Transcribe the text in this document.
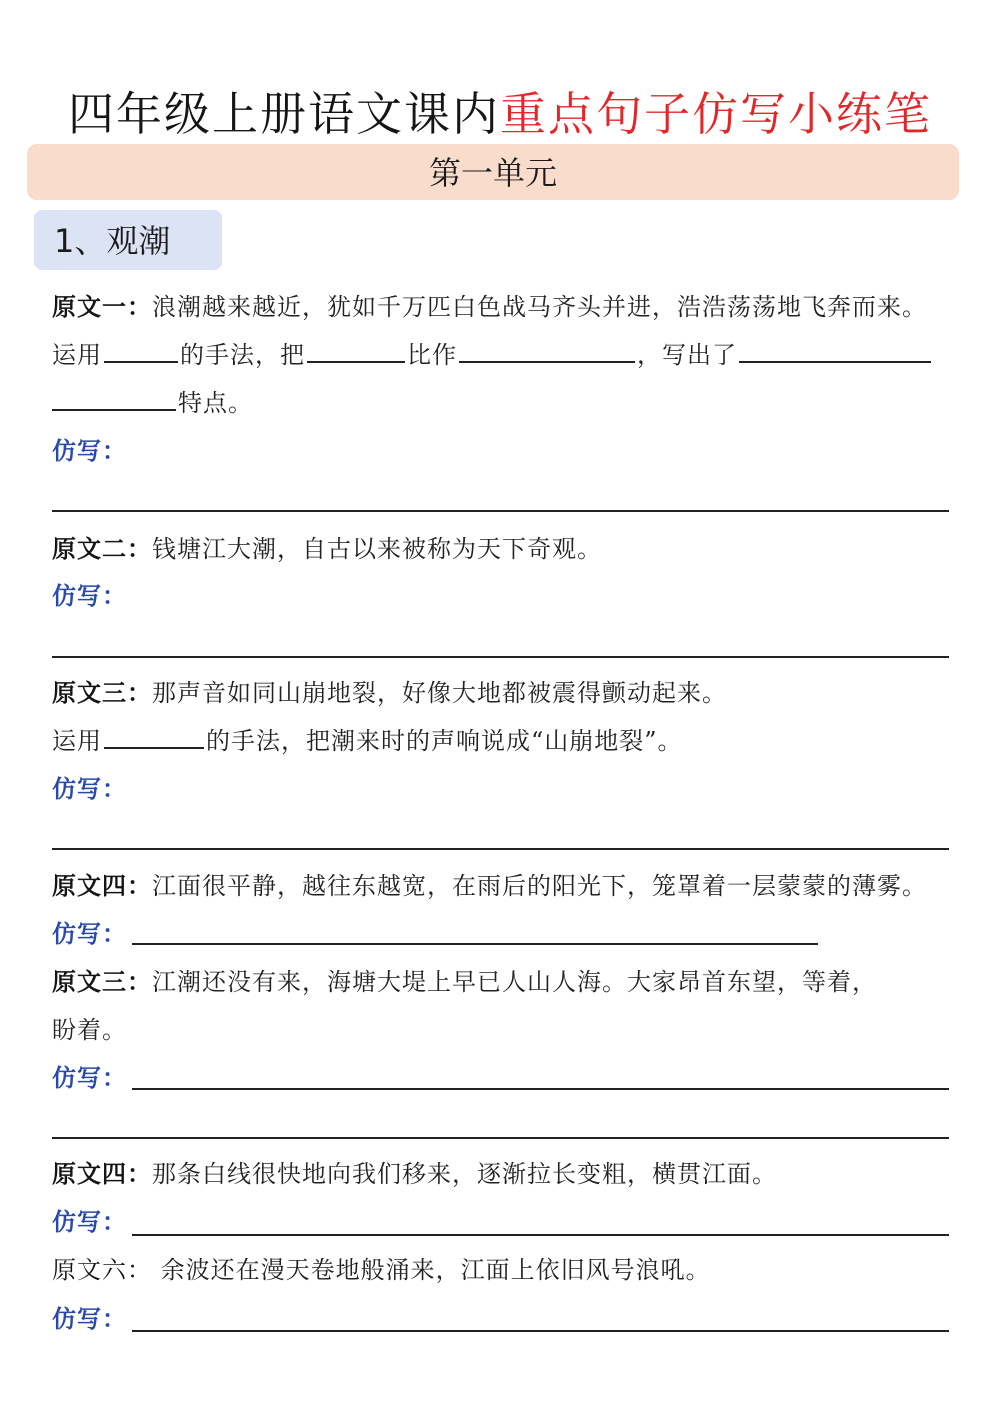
四年级上册语文课内重点句子仿写小练笔
第一单元
1、观潮
原文一：浪潮越来越近，犹如千万匹白色战马齐头并进，浩浩荡荡地飞奔而来。
运用	的手法，把	比作	，写出了
特点。
仿写：
原文二：钱塘江大潮，自古以来被称为天下奇观。
仿写：
原文三：那声音如同山崩地裂，好像大地都被震得颤动起来。
运用	的手法，把潮来时的声响说成“山崩地裂”。
仿写：
原文四：江面很平静，越往东越宽，在雨后的阳光下，笼罩着一层蒙蒙的薄雾。
仿写：
原文三：江潮还没有来，海塘大堤上早已人山人海。大家昂首东望，等着，
盼着。
仿写：
原文四：那条白线很快地向我们移来，逐渐拉长变粗，横贯江面。
仿写：
原文六： 余波还在漫天卷地般涌来，江面上依旧风号浪吼。
仿写：
